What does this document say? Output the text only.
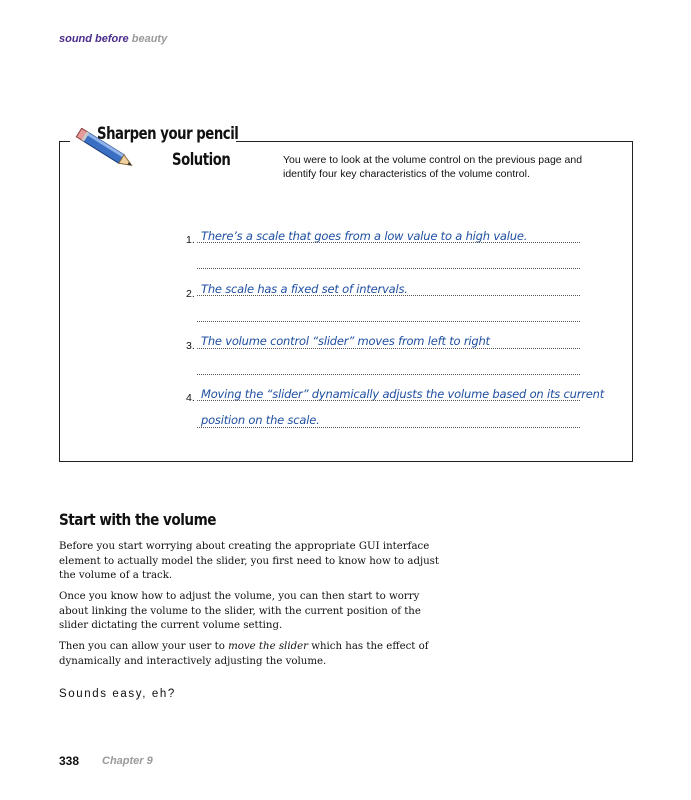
sound before beauty
Sharpen your pencil
Solution	You were to look at the volume control on the previous page and identify four key characteristics of the volume control.
1. There’s a scale that goes from a low value to a high value.
2. The scale has a fixed set of intervals.
3. The volume control “slider” moves from left to right
4. Moving the “slider” dynamically adjusts the volume based on its current
position on the scale.
Start with the volume

Before you start worrying about creating the appropriate GUI interface element to actually model the slider, you first need to know how to adjust the volume of a track.

Once you know how to adjust the volume, you can then start to worry about linking the volume to the slider, with the current position of the slider dictating the current volume setting.

Then you can allow your user to move the slider which has the effect of dynamically and interactively adjusting the volume.

Sounds easy, eh?
338 Chapter 9
